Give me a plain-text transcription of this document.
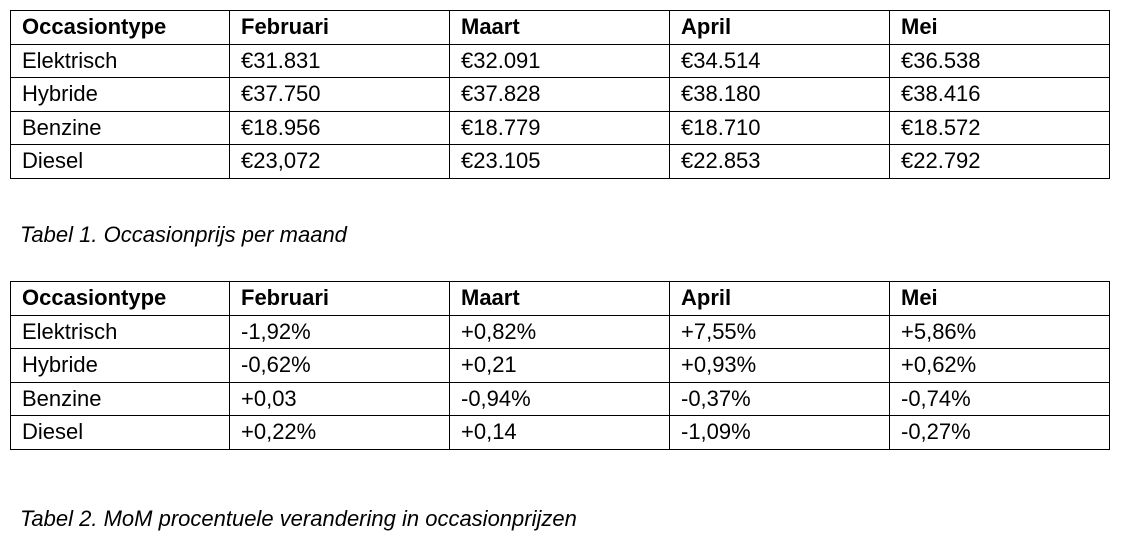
Occasiontype	Februari	Maart	April	Mei
Elektrisch	€31.831	€32.091	€34.514	€36.538
Hybride	€37.750	€37.828	€38.180	€38.416
Benzine	€18.956	€18.779	€18.710	€18.572
Diesel	€23,072	€23.105	€22.853	€22.792
Tabel 1. Occasionprijs per maand
Occasiontype	Februari	Maart	April	Mei
Elektrisch	-1,92%	+0,82%	+7,55%	+5,86%
Hybride	-0,62%	+0,21	+0,93%	+0,62%
Benzine	+0,03	-0,94%	-0,37%	-0,74%
Diesel	+0,22%	+0,14	-1,09%	-0,27%
Tabel 2. MoM procentuele verandering in occasionprijzen
